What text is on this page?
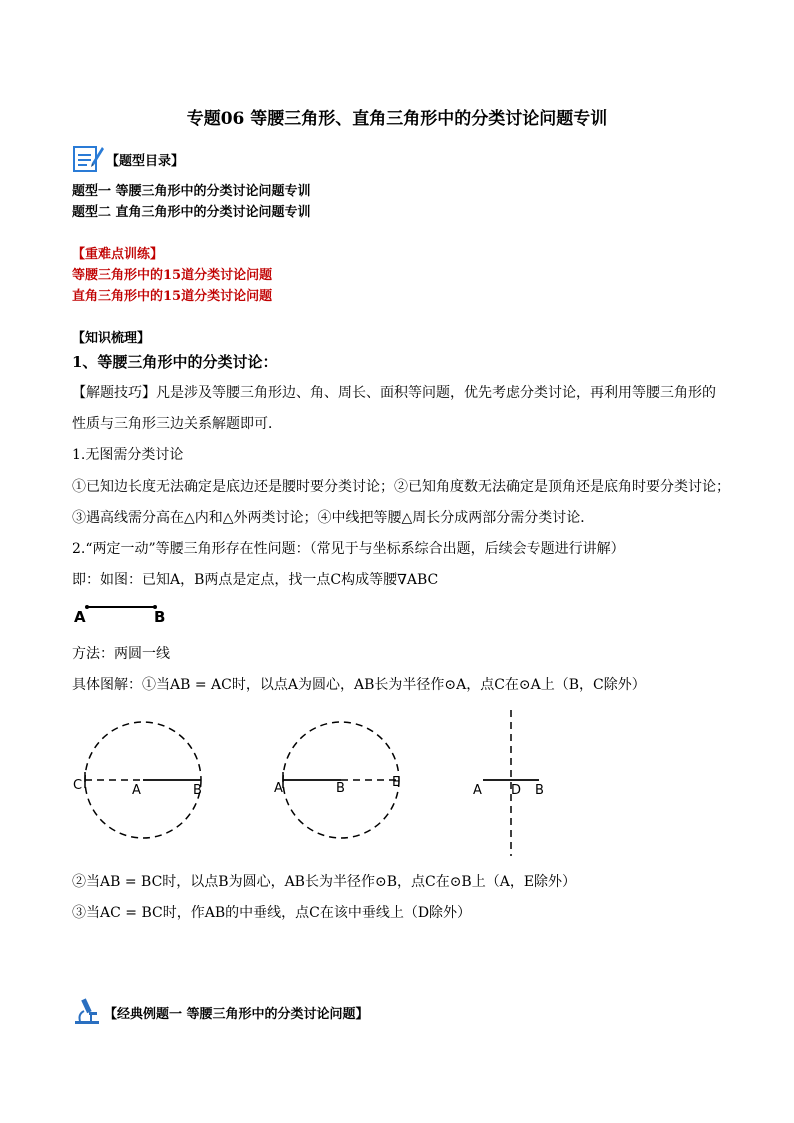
专题06 等腰三角形、直角三角形中的分类讨论问题专训
【题型目录】
题型一 等腰三角形中的分类讨论问题专训
题型二 直角三角形中的分类讨论问题专训
【重难点训练】
等腰三角形中的15道分类讨论问题
直角三角形中的15道分类讨论问题
【知识梳理】
1、等腰三角形中的分类讨论：
【解题技巧】凡是涉及等腰三角形边、角、周长、面积等问题，优先考虑分类讨论，再利用等腰三角形的
性质与三角形三边关系解题即可．
1.无图需分类讨论
①已知边长度无法确定是底边还是腰时要分类讨论；②已知角度数无法确定是顶角还是底角时要分类讨论；
③遇高线需分高在△内和△外两类讨论；④中线把等腰△周长分成两部分需分类讨论．
2.“两定一动”等腰三角形存在性问题：（常见于与坐标系综合出题，后续会专题进行讲解）
即：如图：已知A，B两点是定点，找一点C构成等腰∇ABC
A	B
方法：两圆一线
具体图解：①当AB = AC时，以点A为圆心，AB长为半径作⊙A，点C在⊙A上（B，C除外）
C	A	B	A	B	E
A D B
②当AB = BC时，以点B为圆心，AB长为半径作⊙B，点C在⊙B上（A，E除外）
③当AC = BC时，作AB的中垂线，点C在该中垂线上（D除外）
【经典例题一 等腰三角形中的分类讨论问题】
